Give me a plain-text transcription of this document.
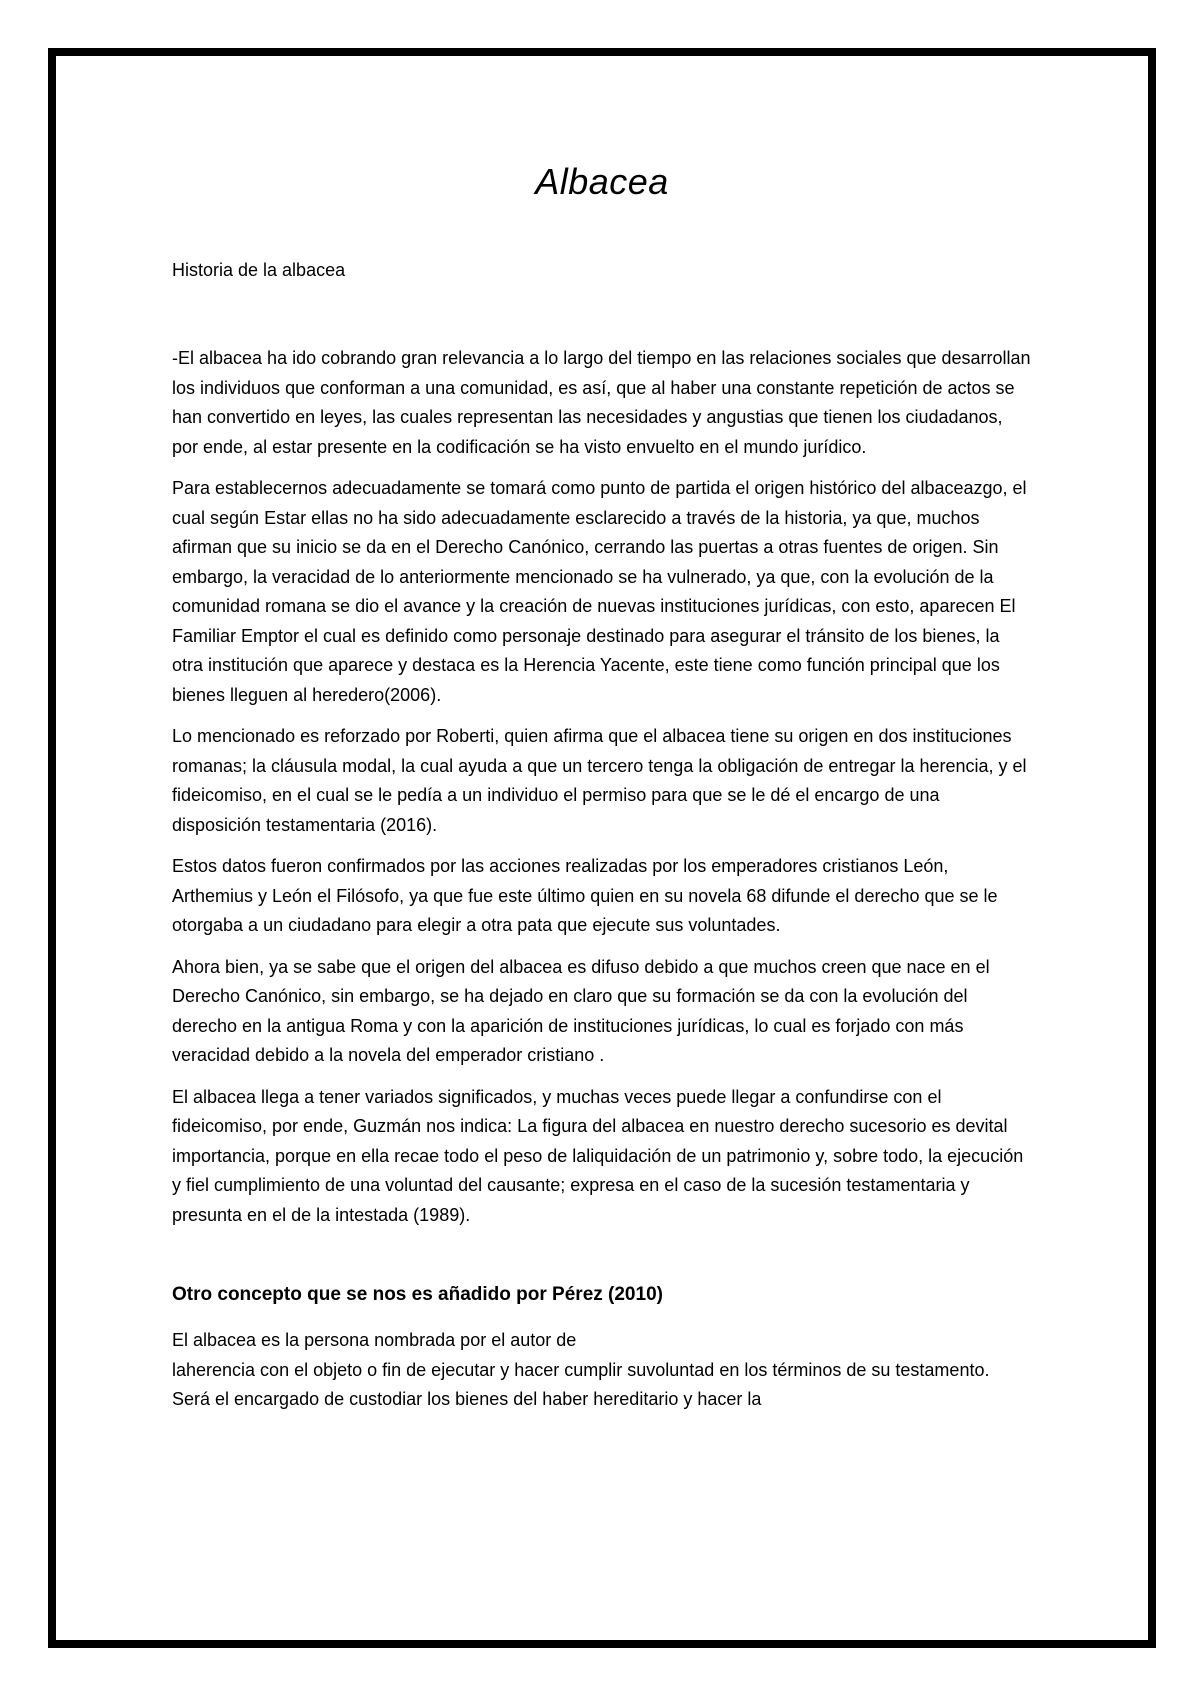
Albacea

Historia de la albacea

-El albacea ha ido cobrando gran relevancia a lo largo del tiempo en las relaciones sociales que desarrollan los individuos que conforman a una comunidad, es así, que al haber una constante repetición de actos se han convertido en leyes, las cuales representan las necesidades y angustias que tienen los ciudadanos, por ende, al estar presente en la codificación se ha visto envuelto en el mundo jurídico.

Para establecernos adecuadamente se tomará como punto de partida el origen histórico del albaceazgo, el cual según Estar ellas no ha sido adecuadamente esclarecido a través de la historia, ya que, muchos afirman que su inicio se da en el Derecho Canónico, cerrando las puertas a otras fuentes de origen. Sin embargo, la veracidad de lo anteriormente mencionado se ha vulnerado, ya que, con la evolución de la comunidad romana se dio el avance y la creación de nuevas instituciones jurídicas, con esto, aparecen El Familiar Emptor el cual es definido como personaje destinado para asegurar el tránsito de los bienes, la otra institución que aparece y destaca es la Herencia Yacente, este tiene como función principal que los bienes lleguen al heredero(2006).

Lo mencionado es reforzado por Roberti, quien afirma que el albacea tiene su origen en dos instituciones romanas; la cláusula modal, la cual ayuda a que un tercero tenga la obligación de entregar la herencia, y el fideicomiso, en el cual se le pedía a un individuo el permiso para que se le dé el encargo de una disposición testamentaria (2016).

Estos datos fueron confirmados por las acciones realizadas por los emperadores cristianos León, Arthemius y León el Filósofo, ya que fue este último quien en su novela 68 difunde el derecho que se le otorgaba a un ciudadano para elegir a otra pata que ejecute sus voluntades.

Ahora bien, ya se sabe que el origen del albacea es difuso debido a que muchos creen que nace en el Derecho Canónico, sin embargo, se ha dejado en claro que su formación se da con la evolución del derecho en la antigua Roma y con la aparición de instituciones jurídicas, lo cual es forjado con más veracidad debido a la novela del emperador cristiano .

El albacea llega a tener variados significados, y muchas veces puede llegar a confundirse con el fideicomiso, por ende, Guzmán nos indica: La figura del albacea en nuestro derecho sucesorio es devital importancia, porque en ella recae todo el peso de laliquidación de un patrimonio y, sobre todo, la ejecución y fiel cumplimiento de una voluntad del causante; expresa en el caso de la sucesión testamentaria y presunta en el de la intestada (1989).

Otro concepto que se nos es añadido por Pérez (2010)

El albacea es la persona nombrada por el autor de

laherencia con el objeto o fin de ejecutar y hacer cumplir suvoluntad en los términos de su testamento. Será el encargado de custodiar los bienes del haber hereditario y hacer la
